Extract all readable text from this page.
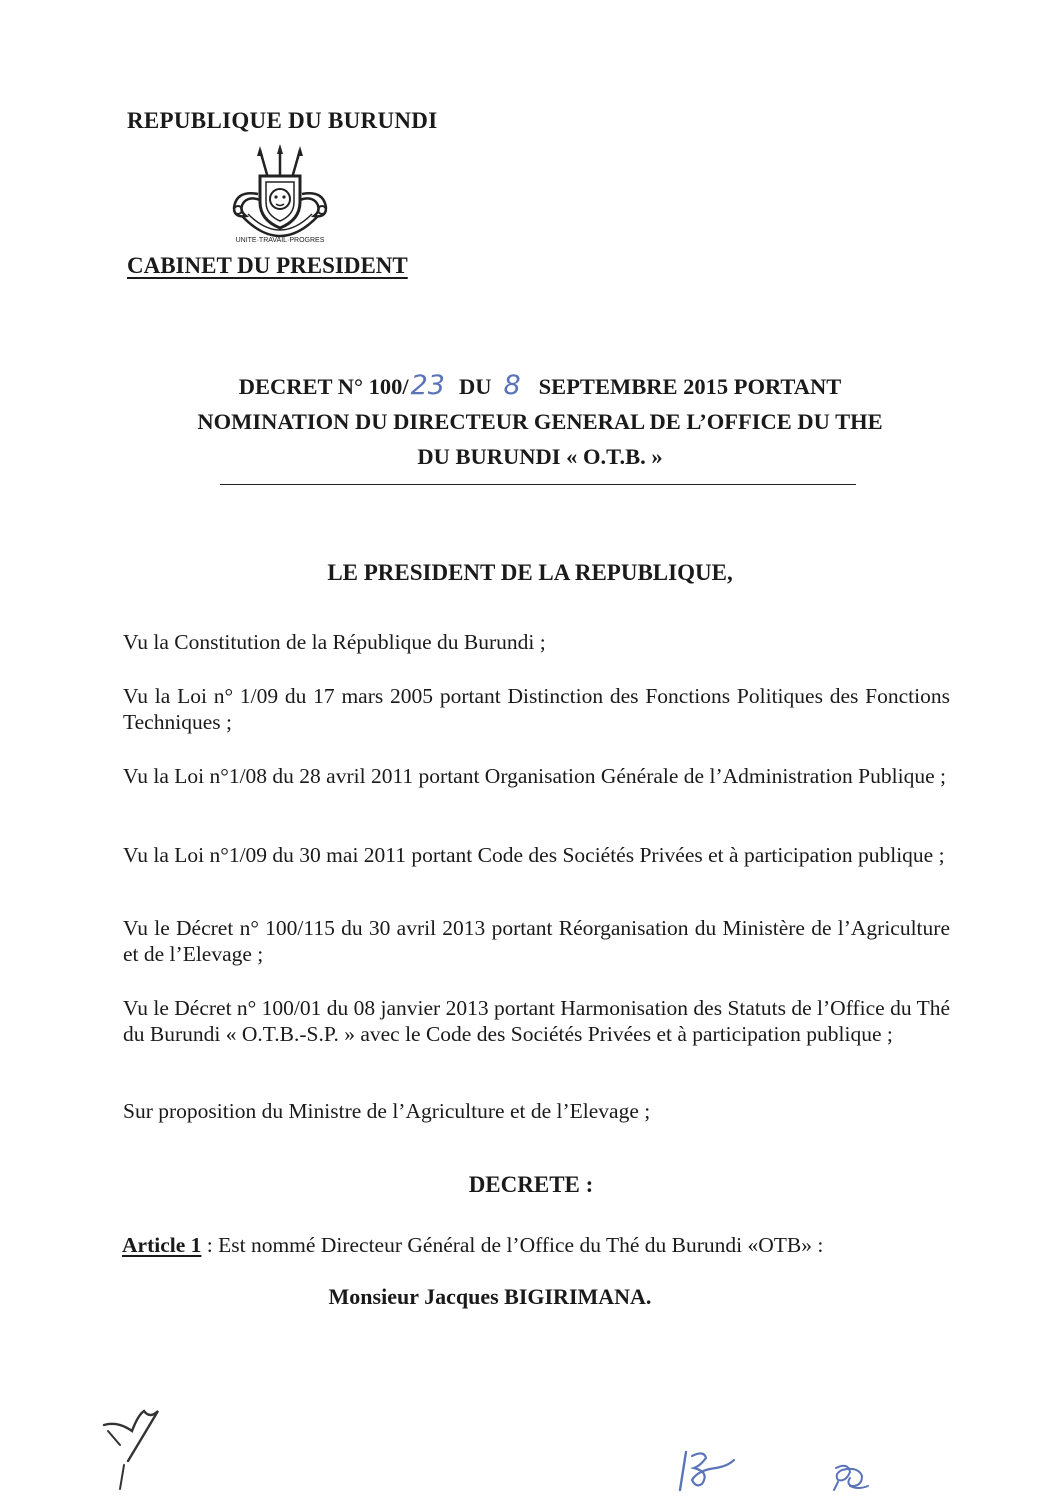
REPUBLIQUE DU BURUNDI
UNITE·TRAVAIL·PROGRES
CABINET DU PRESIDENT
DECRET N° 100/23 DU 8 SEPTEMBRE 2015 PORTANT
NOMINATION DU DIRECTEUR GENERAL DE L’OFFICE DU THE
DU BURUNDI « O.T.B. »
LE PRESIDENT DE LA REPUBLIQUE,

Vu la Constitution de la République du Burundi ;

Vu la Loi n° 1/09 du 17 mars 2005 portant Distinction des Fonctions Politiques des Fonctions Techniques ;

Vu la Loi n°1/08 du 28 avril 2011 portant Organisation Générale de l’Administration Publique ;

Vu la Loi n°1/09 du 30 mai 2011 portant Code des Sociétés Privées et à participation publique ;

Vu le Décret n° 100/115 du 30 avril 2013 portant Réorganisation du Ministère de l’Agriculture et de l’Elevage ;

Vu le Décret n° 100/01 du 08 janvier 2013 portant Harmonisation des Statuts de l’Office du Thé du Burundi « O.T.B.-S.P. » avec le Code des Sociétés Privées et à participation publique ;

Sur proposition du Ministre de l’Agriculture et de l’Elevage ;

DECRETE :
Article 1 : Est nommé Directeur Général de l’Office du Thé du Burundi «OTB» :
Monsieur Jacques BIGIRIMANA.
